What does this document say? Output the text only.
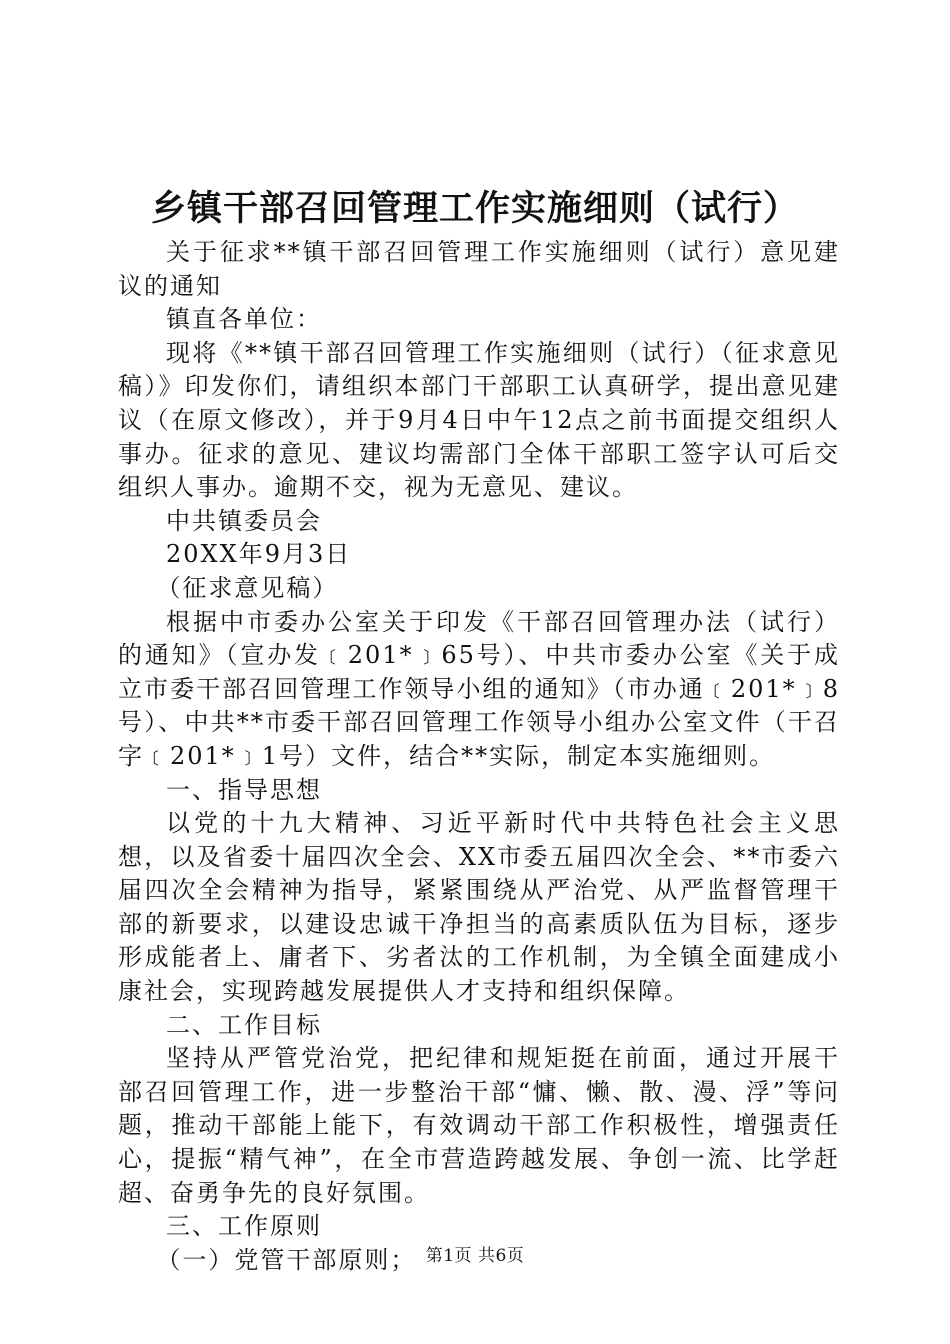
乡镇干部召回管理工作实施细则（试行）

关于征求**镇干部召回管理工作实施细则（试行）意见建议的通知

镇直各单位：

现将《**镇干部召回管理工作实施细则（试行）（征求意见稿）》印发你们，请组织本部门干部职工认真研学，提出意见建议（在原文修改），并于9月4日中午12点之前书面提交组织人事办。征求的意见、建议均需部门全体干部职工签字认可后交组织人事办。逾期不交，视为无意见、建议。

中共镇委员会

20XX年9月3日

（征求意见稿）

根据中市委办公室关于印发《干部召回管理办法（试行）的通知》（宣办发﹝201*﹞65号）、中共市委办公室《关于成立市委干部召回管理工作领导小组的通知》（市办通﹝201*﹞8号）、中共**市委干部召回管理工作领导小组办公室文件（干召字﹝201*﹞1号）文件，结合**实际，制定本实施细则。

一、指导思想

以党的十九大精神、习近平新时代中共特色社会主义思想，以及省委十届四次全会、XX市委五届四次全会、**市委六届四次全会精神为指导，紧紧围绕从严治党、从严监督管理干部的新要求，以建设忠诚干净担当的高素质队伍为目标，逐步形成能者上、庸者下、劣者汰的工作机制，为全镇全面建成小康社会，实现跨越发展提供人才支持和组织保障。

二、工作目标

坚持从严管党治党，把纪律和规矩挺在前面，通过开展干部召回管理工作，进一步整治干部“慵、懒、散、漫、浮”等问题，推动干部能上能下，有效调动干部工作积极性，增强责任心，提振“精气神”，在全市营造跨越发展、争创一流、比学赶超、奋勇争先的良好氛围。

三、工作原则

（一）党管干部原则； 第1页 共6页
